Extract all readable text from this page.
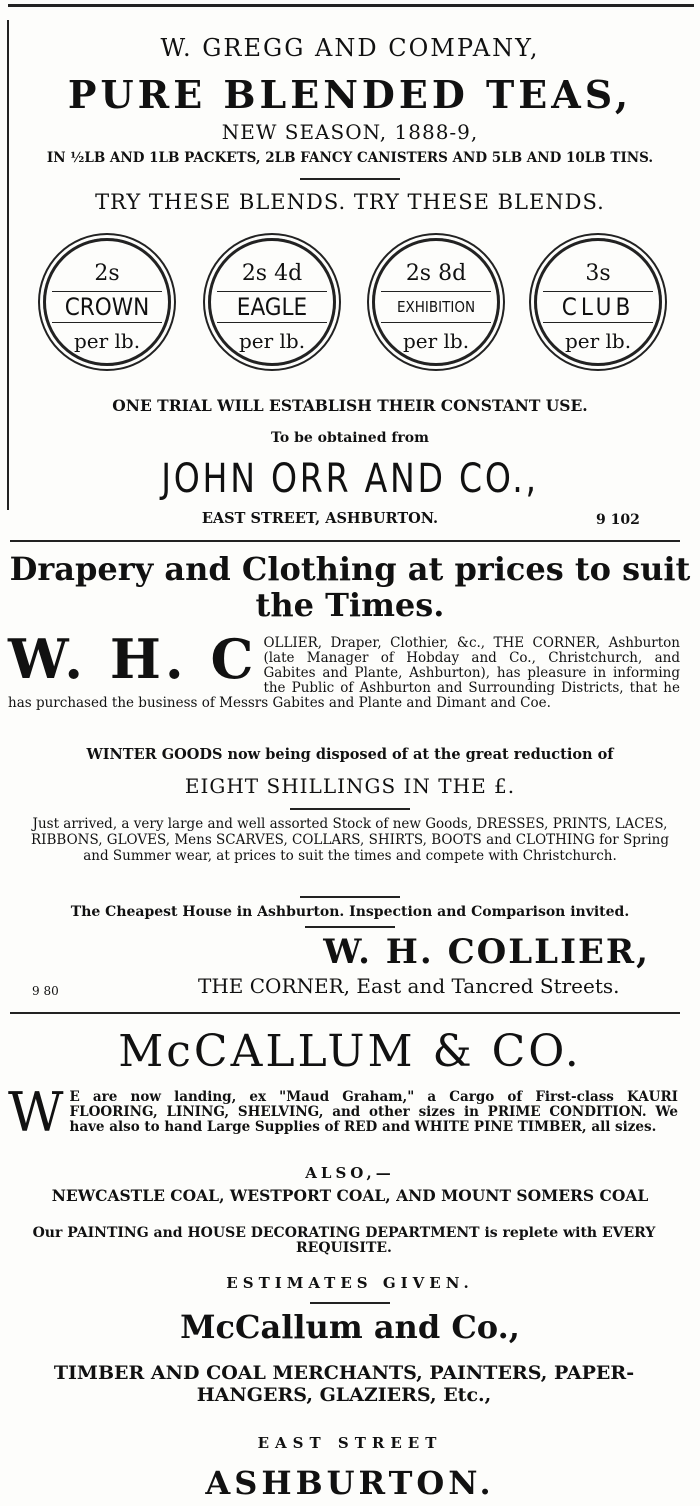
W. GREGG AND COMPANY,
PURE BLENDED TEAS,
NEW SEASON, 1888-9,
IN ½LB AND 1LB PACKETS, 2LB FANCY CANISTERS AND 5LB AND 10LB TINS.
TRY THESE BLENDS. TRY THESE BLENDS.
2s
CROWN
per lb.
2s 4d
EAGLE
per lb.
2s 8d
EXHIBITION
per lb.
3s
CLUB
per lb.
ONE TRIAL WILL ESTABLISH THEIR CONSTANT USE.
To be obtained from
JOHN ORR AND CO.,
EAST STREET, ASHBURTON.	9 102
Drapery and Clothing at prices to suit
the Times.
W. H. C OLLIER, Draper, Clothier, &c., THE CORNER, Ashburton (late Manager of Hobday and Co., Christchurch, and Gabites and Plante, Ashburton), has pleasure in informing the Public of Ashburton and Surrounding Districts, that he has purchased the business of Messrs Gabites and Plante and Dimant and Coe.
WINTER GOODS now being disposed of at the great reduction of
EIGHT SHILLINGS IN THE £.
Just arrived, a very large and well assorted Stock of new Goods, DRESSES, PRINTS, LACES, RIBBONS, GLOVES, Mens SCARVES, COLLARS, SHIRTS, BOOTS and CLOTHING for Spring and Summer wear, at prices to suit the times and compete with Christchurch.
The Cheapest House in Ashburton. Inspection and Comparison invited.
W. H. COLLIER,
9 80	THE CORNER, East and Tancred Streets.
McCALLUM & CO.
W E are now landing, ex "Maud Graham," a Cargo of First-class KAURI FLOORING, LINING, SHELVING, and other sizes in PRIME CONDITION. We have also to hand Large Supplies of RED and WHITE PINE TIMBER, all sizes.
ALSO,—
NEWCASTLE COAL, WESTPORT COAL, AND MOUNT SOMERS COAL
Our PAINTING and HOUSE DECORATING DEPARTMENT is replete with EVERY REQUISITE.
ESTIMATES GIVEN.
McCallum and Co.,
TIMBER AND COAL MERCHANTS, PAINTERS, PAPER-HANGERS, GLAZIERS, Etc.,
EAST STREET
ASHBURTON.
